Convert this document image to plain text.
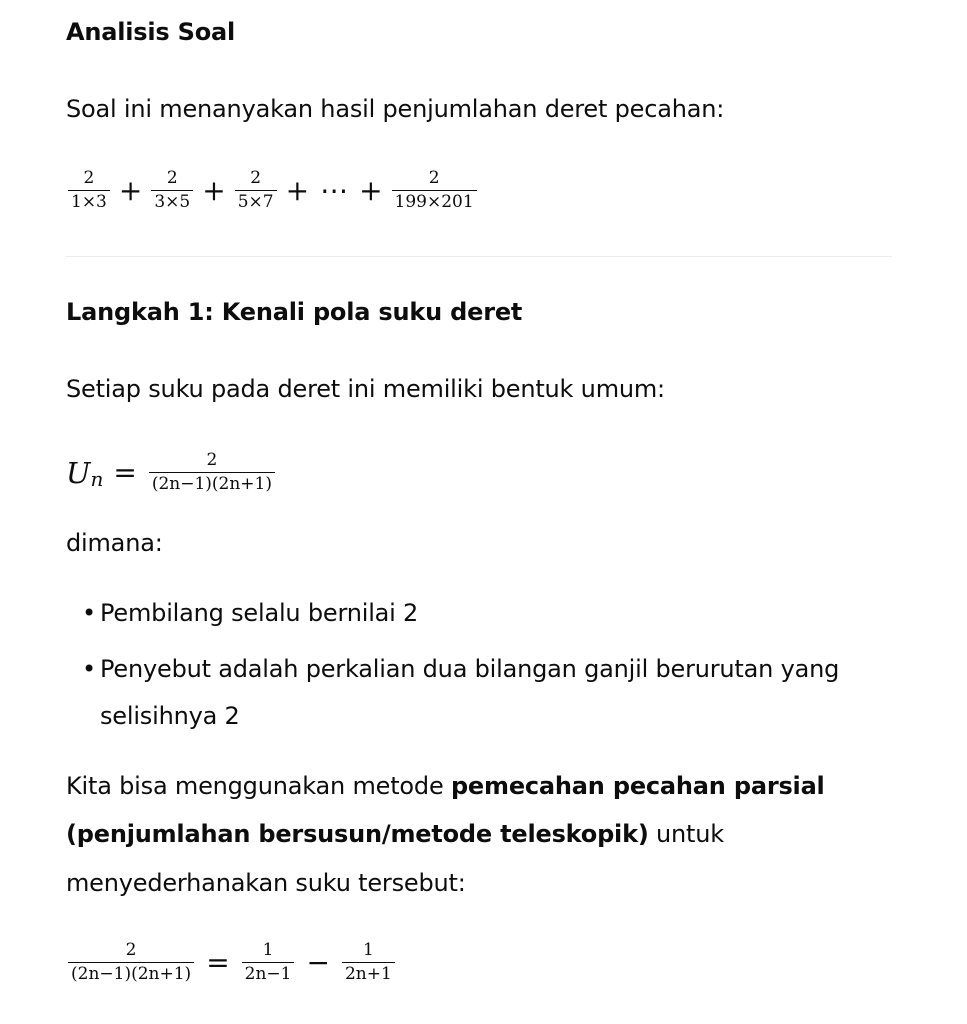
Analisis Soal
Soal ini menanyakan hasil penjumlahan deret pecahan:
$\frac{2}{1\times 3} + \frac{2}{3\times 5} + \frac{2}{5\times 7}$ + ⋯ + $\frac{2}{199\times 201}$
Langkah 1: Kenali pola suku deret
Setiap suku pada deret ini memiliki bentuk umum:
U $n = \frac{2}{(2n-1)(2n+1)}$
dimana:
• Pembilang selalu bernilai 2
• Penyebut adalah perkalian dua bilangan ganjil berurutan yang
selisihnya 2
Kita bisa menggunakan metode pemecahan pecahan parsial
(penjumlahan bersusun/metode teleskopik) untuk
menyederhanakan suku tersebut:
$\frac{2}{(2n-1)(2n+1)} = \frac{1}{2n-1} - \frac{1}{2n+1}$
